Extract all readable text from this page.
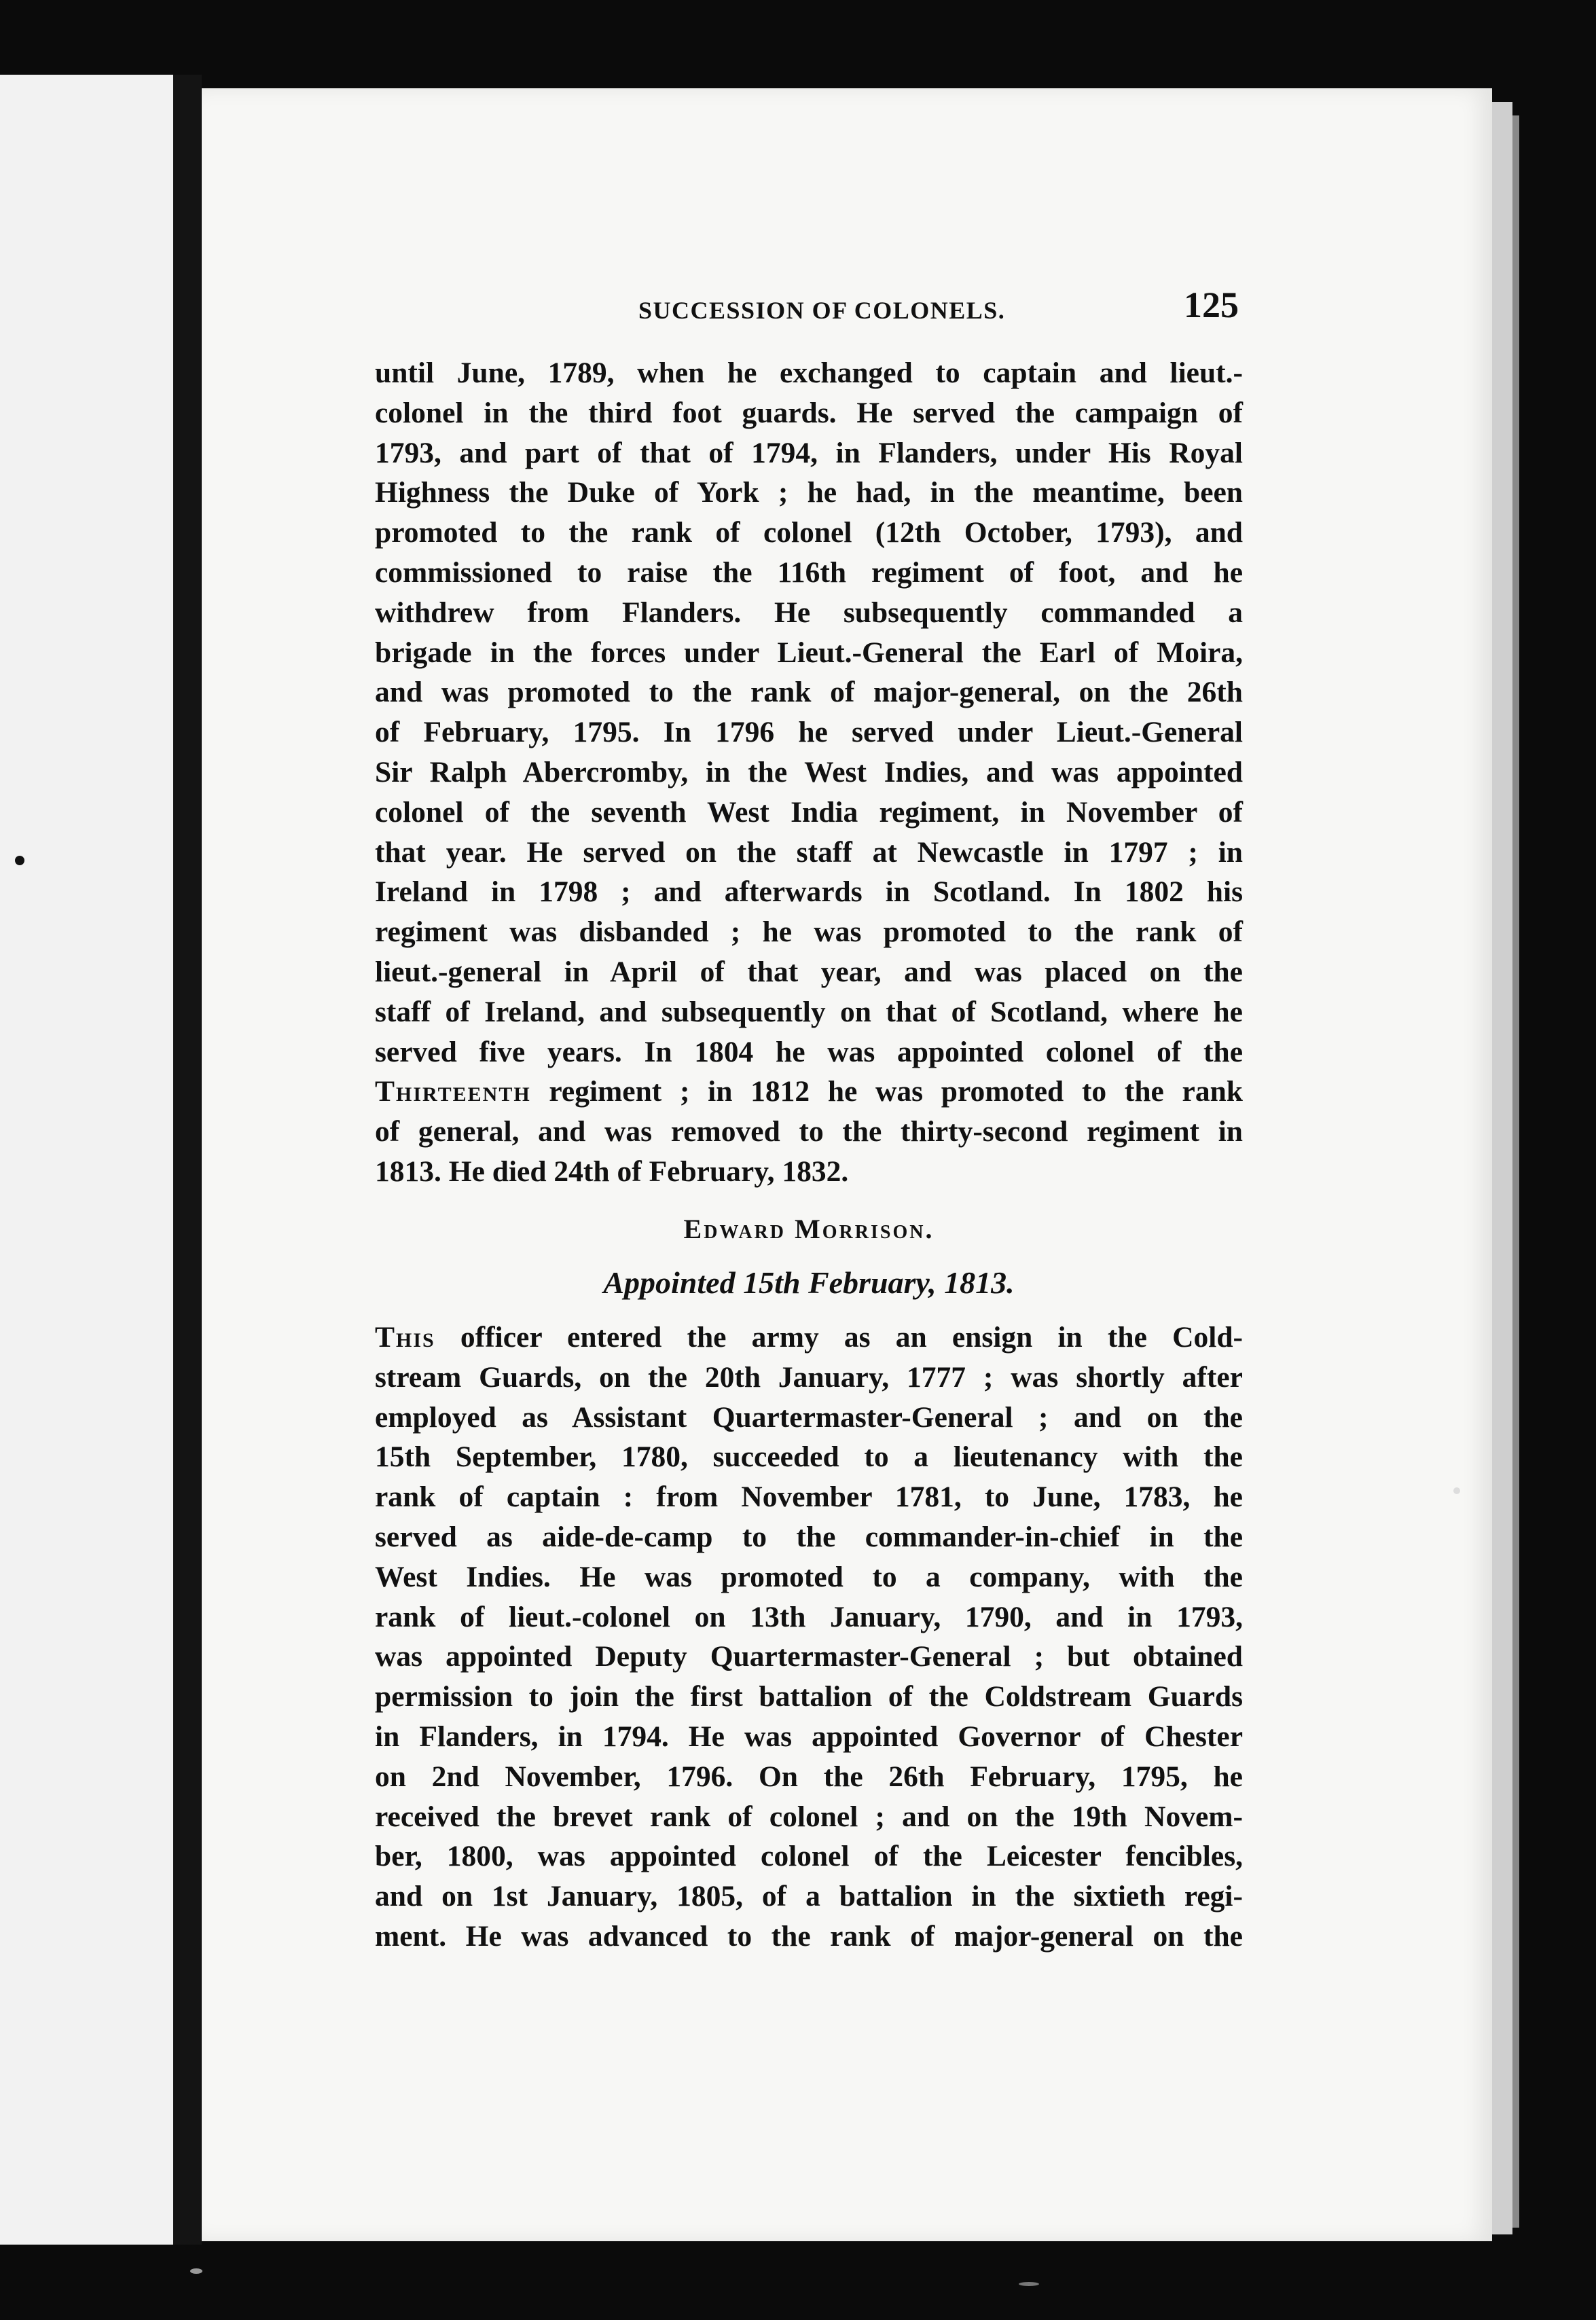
SUCCESSION OF COLONELS.	125
until June, 1789, when he exchanged to captain and lieut.-
colonel in the third foot guards. He served the campaign of
1793, and part of that of 1794, in Flanders, under His Royal
Highness the Duke of York ; he had, in the meantime, been
promoted to the rank of colonel (12th October, 1793), and
commissioned to raise the 116th regiment of foot, and he
withdrew from Flanders. He subsequently commanded a
brigade in the forces under Lieut.-General the Earl of Moira,
and was promoted to the rank of major-general, on the 26th
of February, 1795. In 1796 he served under Lieut.-General
Sir Ralph Abercromby, in the West Indies, and was appointed
colonel of the seventh West India regiment, in November of
that year. He served on the staff at Newcastle in 1797 ; in
Ireland in 1798 ; and afterwards in Scotland. In 1802 his
regiment was disbanded ; he was promoted to the rank of
lieut.-general in April of that year, and was placed on the
staff of Ireland, and subsequently on that of Scotland, where he
served five years. In 1804 he was appointed colonel of the
Thirteenth regiment ; in 1812 he was promoted to the rank
of general, and was removed to the thirty-second regiment in
1813. He died 24th of February, 1832.
Edward Morrison.
Appointed 15th February, 1813.
This officer entered the army as an ensign in the Cold-
stream Guards, on the 20th January, 1777 ; was shortly after
employed as Assistant Quartermaster-General ; and on the
15th September, 1780, succeeded to a lieutenancy with the
rank of captain : from November 1781, to June, 1783, he
served as aide-de-camp to the commander-in-chief in the
West Indies. He was promoted to a company, with the
rank of lieut.-colonel on 13th January, 1790, and in 1793,
was appointed Deputy Quartermaster-General ; but obtained
permission to join the first battalion of the Coldstream Guards
in Flanders, in 1794. He was appointed Governor of Chester
on 2nd November, 1796. On the 26th February, 1795, he
received the brevet rank of colonel ; and on the 19th Novem-
ber, 1800, was appointed colonel of the Leicester fencibles,
and on 1st January, 1805, of a battalion in the sixtieth regi-
ment. He was advanced to the rank of major-general on the
